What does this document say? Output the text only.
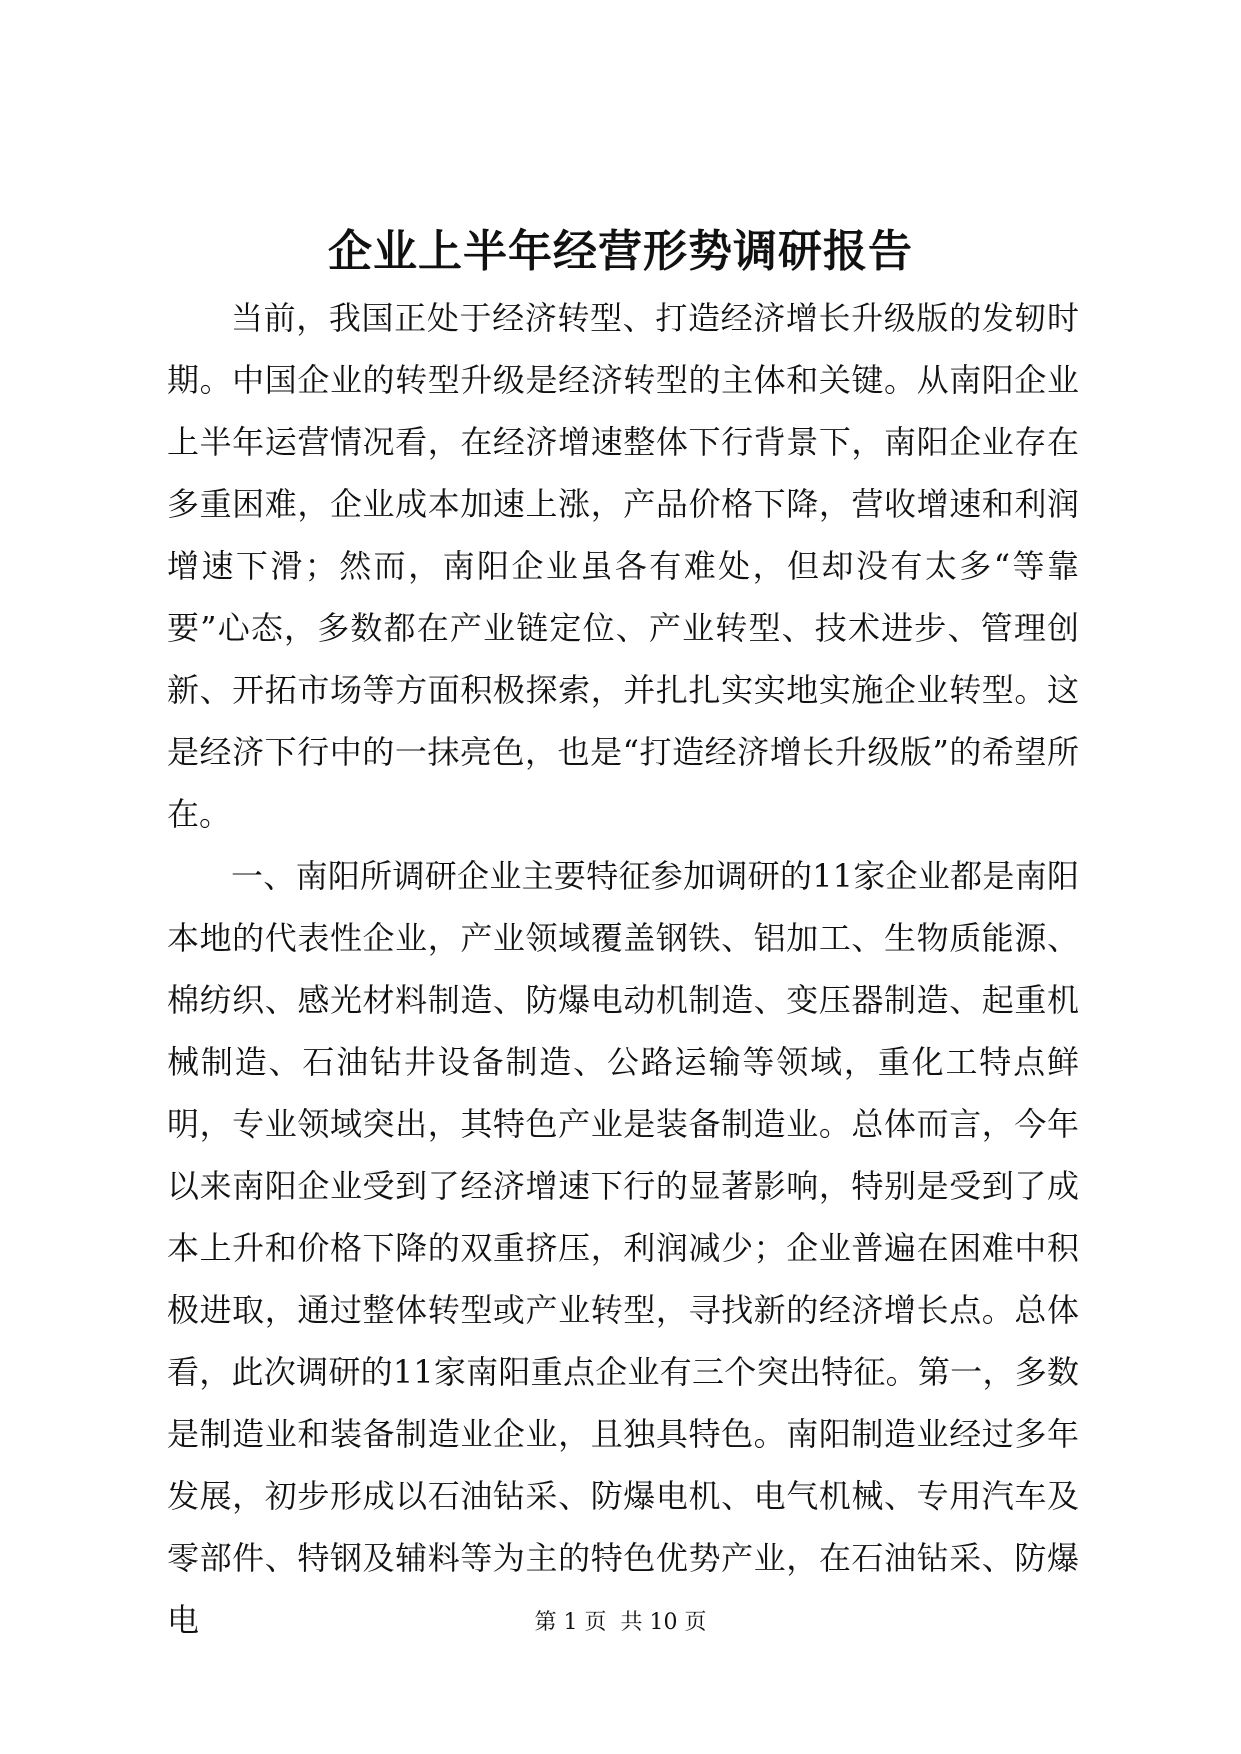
企业上半年经营形势调研报告

当前，我国正处于经济转型、打造经济增长升级版的发轫时期。中国企业的转型升级是经济转型的主体和关键。从南阳企业上半年运营情况看，在经济增速整体下行背景下，南阳企业存在多重困难，企业成本加速上涨，产品价格下降，营收增速和利润增速下滑；然而，南阳企业虽各有难处，但却没有太多“等靠要”心态，多数都在产业链定位、产业转型、技术进步、管理创新、开拓市场等方面积极探索，并扎扎实实地实施企业转型。这是经济下行中的一抹亮色，也是“打造经济增长升级版”的希望所在。

一、南阳所调研企业主要特征参加调研的11家企业都是南阳本地的代表性企业，产业领域覆盖钢铁、铝加工、生物质能源、棉纺织、感光材料制造、防爆电动机制造、变压器制造、起重机械制造、石油钻井设备制造、公路运输等领域，重化工特点鲜明，专业领域突出，其特色产业是装备制造业。总体而言，今年以来南阳企业受到了经济增速下行的显著影响，特别是受到了成本上升和价格下降的双重挤压，利润减少；企业普遍在困难中积极进取，通过整体转型或产业转型，寻找新的经济增长点。总体看，此次调研的11家南阳重点企业有三个突出特征。第一，多数是制造业和装备制造业企业，且独具特色。南阳制造业经过多年发展，初步形成以石油钻采、防爆电机、电气机械、专用汽车及零部件、特钢及辅料等为主的特色优势产业，在石油钻采、防爆电	第 1 页 共 10 页
